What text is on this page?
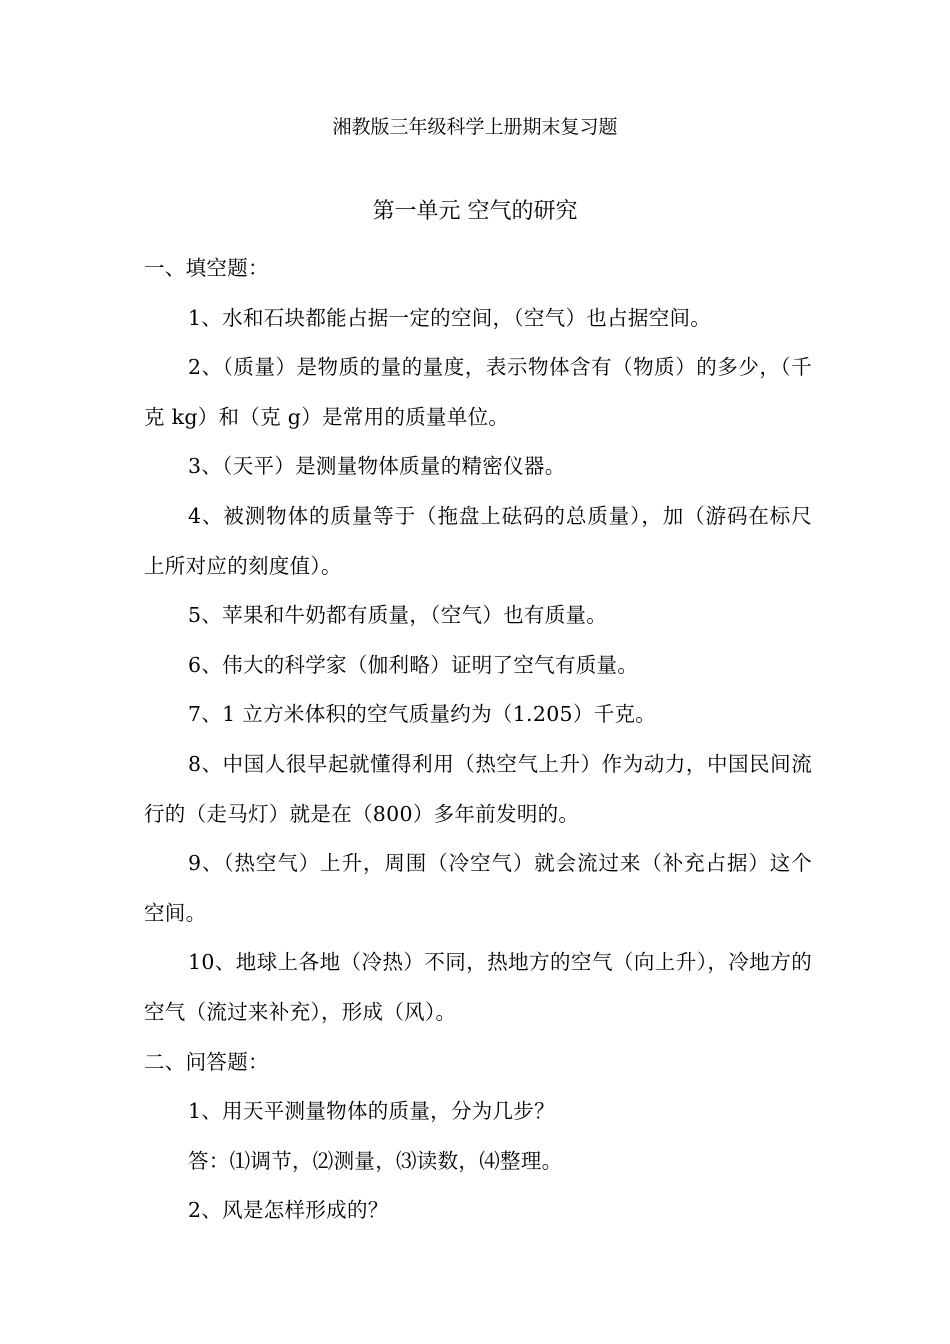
湘教版三年级科学上册期末复习题
第一单元 空气的研究

一、填空题：

1、水和石块都能占据一定的空间，（空气）也占据空间。

2、（质量）是物质的量的量度，表示物体含有（物质）的多少，（千克 kg）和（克 g）是常用的质量单位。

3、（天平）是测量物体质量的精密仪器。

4、被测物体的质量等于（拖盘上砝码的总质量），加（游码在标尺上所对应的刻度值）。

5、苹果和牛奶都有质量，（空气）也有质量。

6、伟大的科学家（伽利略）证明了空气有质量。

7、1 立方米体积的空气质量约为（1.205）千克。

8、中国人很早起就懂得利用（热空气上升）作为动力，中国民间流行的（走马灯）就是在（800）多年前发明的。

9、（热空气）上升，周围（冷空气）就会流过来（补充占据）这个空间。

10、地球上各地（冷热）不同，热地方的空气（向上升），冷地方的空气（流过来补充），形成（风）。

二、问答题：

1、用天平测量物体的质量，分为几步？

答：⑴调节，⑵测量，⑶读数，⑷整理。

2、风是怎样形成的？
